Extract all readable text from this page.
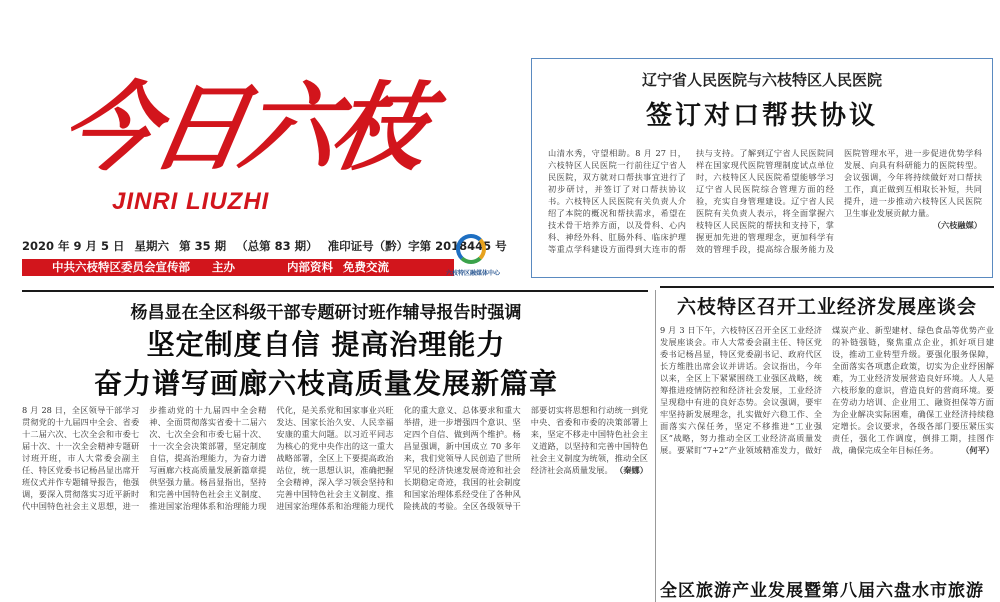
今日六枝
JINRI LIUZHI
2020 年 9 月 5 日 星期六 第 35 期 （总第 83 期） 准印证号（黔）字第 2018445 号
中共六枝特区委员会宣传部 主办	内部资料 免费交流	六枝特区融媒体中心
辽宁省人民医院与六枝特区人民医院
签订对口帮扶协议
山清水秀，守望相助。8 月 27 日，六枝特区人民医院一行前往辽宁省人民医院，双方就对口帮扶事宜进行了初步研讨，并签订了对口帮扶协议书。六枝特区人民医院有关负责人介绍了本院的概况和帮扶需求，希望在技术骨干培养方面，以及骨科、心内科、神经外科、肛肠外科、临床护理等重点学科建设方面得到大连市的帮扶与支持。了解到辽宁省人民医院同样在国家现代医院管理制度试点单位时，六枝特区人民医院希望能够学习辽宁省人民医院综合管理方面的经验，充实自身管理建设。辽宁省人民医院有关负责人表示，将全面掌握六枝特区人民医院的帮扶和支持下，掌握更加先进的管理理念，更加科学有效的管理手段，提高综合服务能力及医院管理水平，进一步促进优势学科发展、向具有科研能力的医院转型。会议强调，今年将持续做好对口帮扶工作，真正做到互相取长补短，共同提升，进一步推动六枝特区人民医院卫生事业发展贡献力量。
（六枝融媒）
杨昌显在全区科级干部专题研讨班作辅导报告时强调
坚定制度自信 提高治理能力
奋力谱写画廊六枝高质量发展新篇章
8 月 28 日，全区领导干部学习贯彻党的十九届四中全会、省委十二届六次、七次全会和市委七届十次、十一次全会精神专题研讨班开班，市人大常委会副主任、特区党委书记杨昌显出席开班仪式并作专题辅导报告，他强调，要深入贯彻落实习近平新时代中国特色社会主义思想，进一步推动党的十九届四中全会精神、全面贯彻落实省委十二届六次、七次全会和市委七届十次、十一次全会决策部署，坚定制度自信，提高治理能力，为奋力谱写画廊六枝高质量发展新篇章提供坚强力量。杨昌显指出，坚持和完善中国特色社会主义制度、推进国家治理体系和治理能力现代化，是关系党和国家事业兴旺发达、国家长治久安、人民幸福安康的重大问题。以习近平同志为核心的党中央作出的这一重大战略部署，全区上下要提高政治站位，统一思想认识，准确把握全会精神，深入学习领会坚持和完善中国特色社会主义制度、推进国家治理体系和治理能力现代化的重大意义、总体要求和重大举措，进一步增强四个意识、坚定四个自信、做到两个维护。杨昌显强调，新中国成立 70 多年来，我们党领导人民创造了世所罕见的经济快速发展奇迹和社会长期稳定奇迹，我国的社会制度和国家治理体系经受住了各种风险挑战的考验。全区各级领导干部要切实将思想和行动统一到党中央、省委和市委的决策部署上来，坚定不移走中国特色社会主义道路，以坚持和完善中国特色社会主义制度为统领，推动全区经济社会高质量发展。 （秦娜）
六枝特区召开工业经济发展座谈会
9 月 3 日下午，六枝特区召开全区工业经济发展座谈会。市人大常委会副主任、特区党委书记杨昌显，特区党委副书记、政府代区长方维胜出席会议并讲话。会议指出，今年以来，全区上下紧紧围绕工业强区战略，统筹推进疫情防控和经济社会发展，工业经济呈现稳中有进的良好态势。会议强调，要牢牢坚持新发展理念，扎实做好六稳工作、全面落实六保任务，坚定不移推进“工业强区”战略，努力推动全区工业经济高质量发展。要紧盯“7+2”产业领域精准发力，做好煤炭产业、新型建材、绿色食品等优势产业的补链强链，聚焦重点企业，抓好项目建设，推动工业转型升级。要强化服务保障，全面落实各项惠企政策，切实为企业纾困解难，为工业经济发展营造良好环境。人人是六枝形象的意识，营造良好的营商环境。要在劳动力培训、企业用工、融资担保等方面为企业解决实际困难，确保工业经济持续稳定增长。会议要求，各级各部门要压紧压实责任，强化工作调度，倒排工期，挂图作战，确保完成全年目标任务。	（何平）
全区旅游产业发展暨第八届六盘水市旅游
